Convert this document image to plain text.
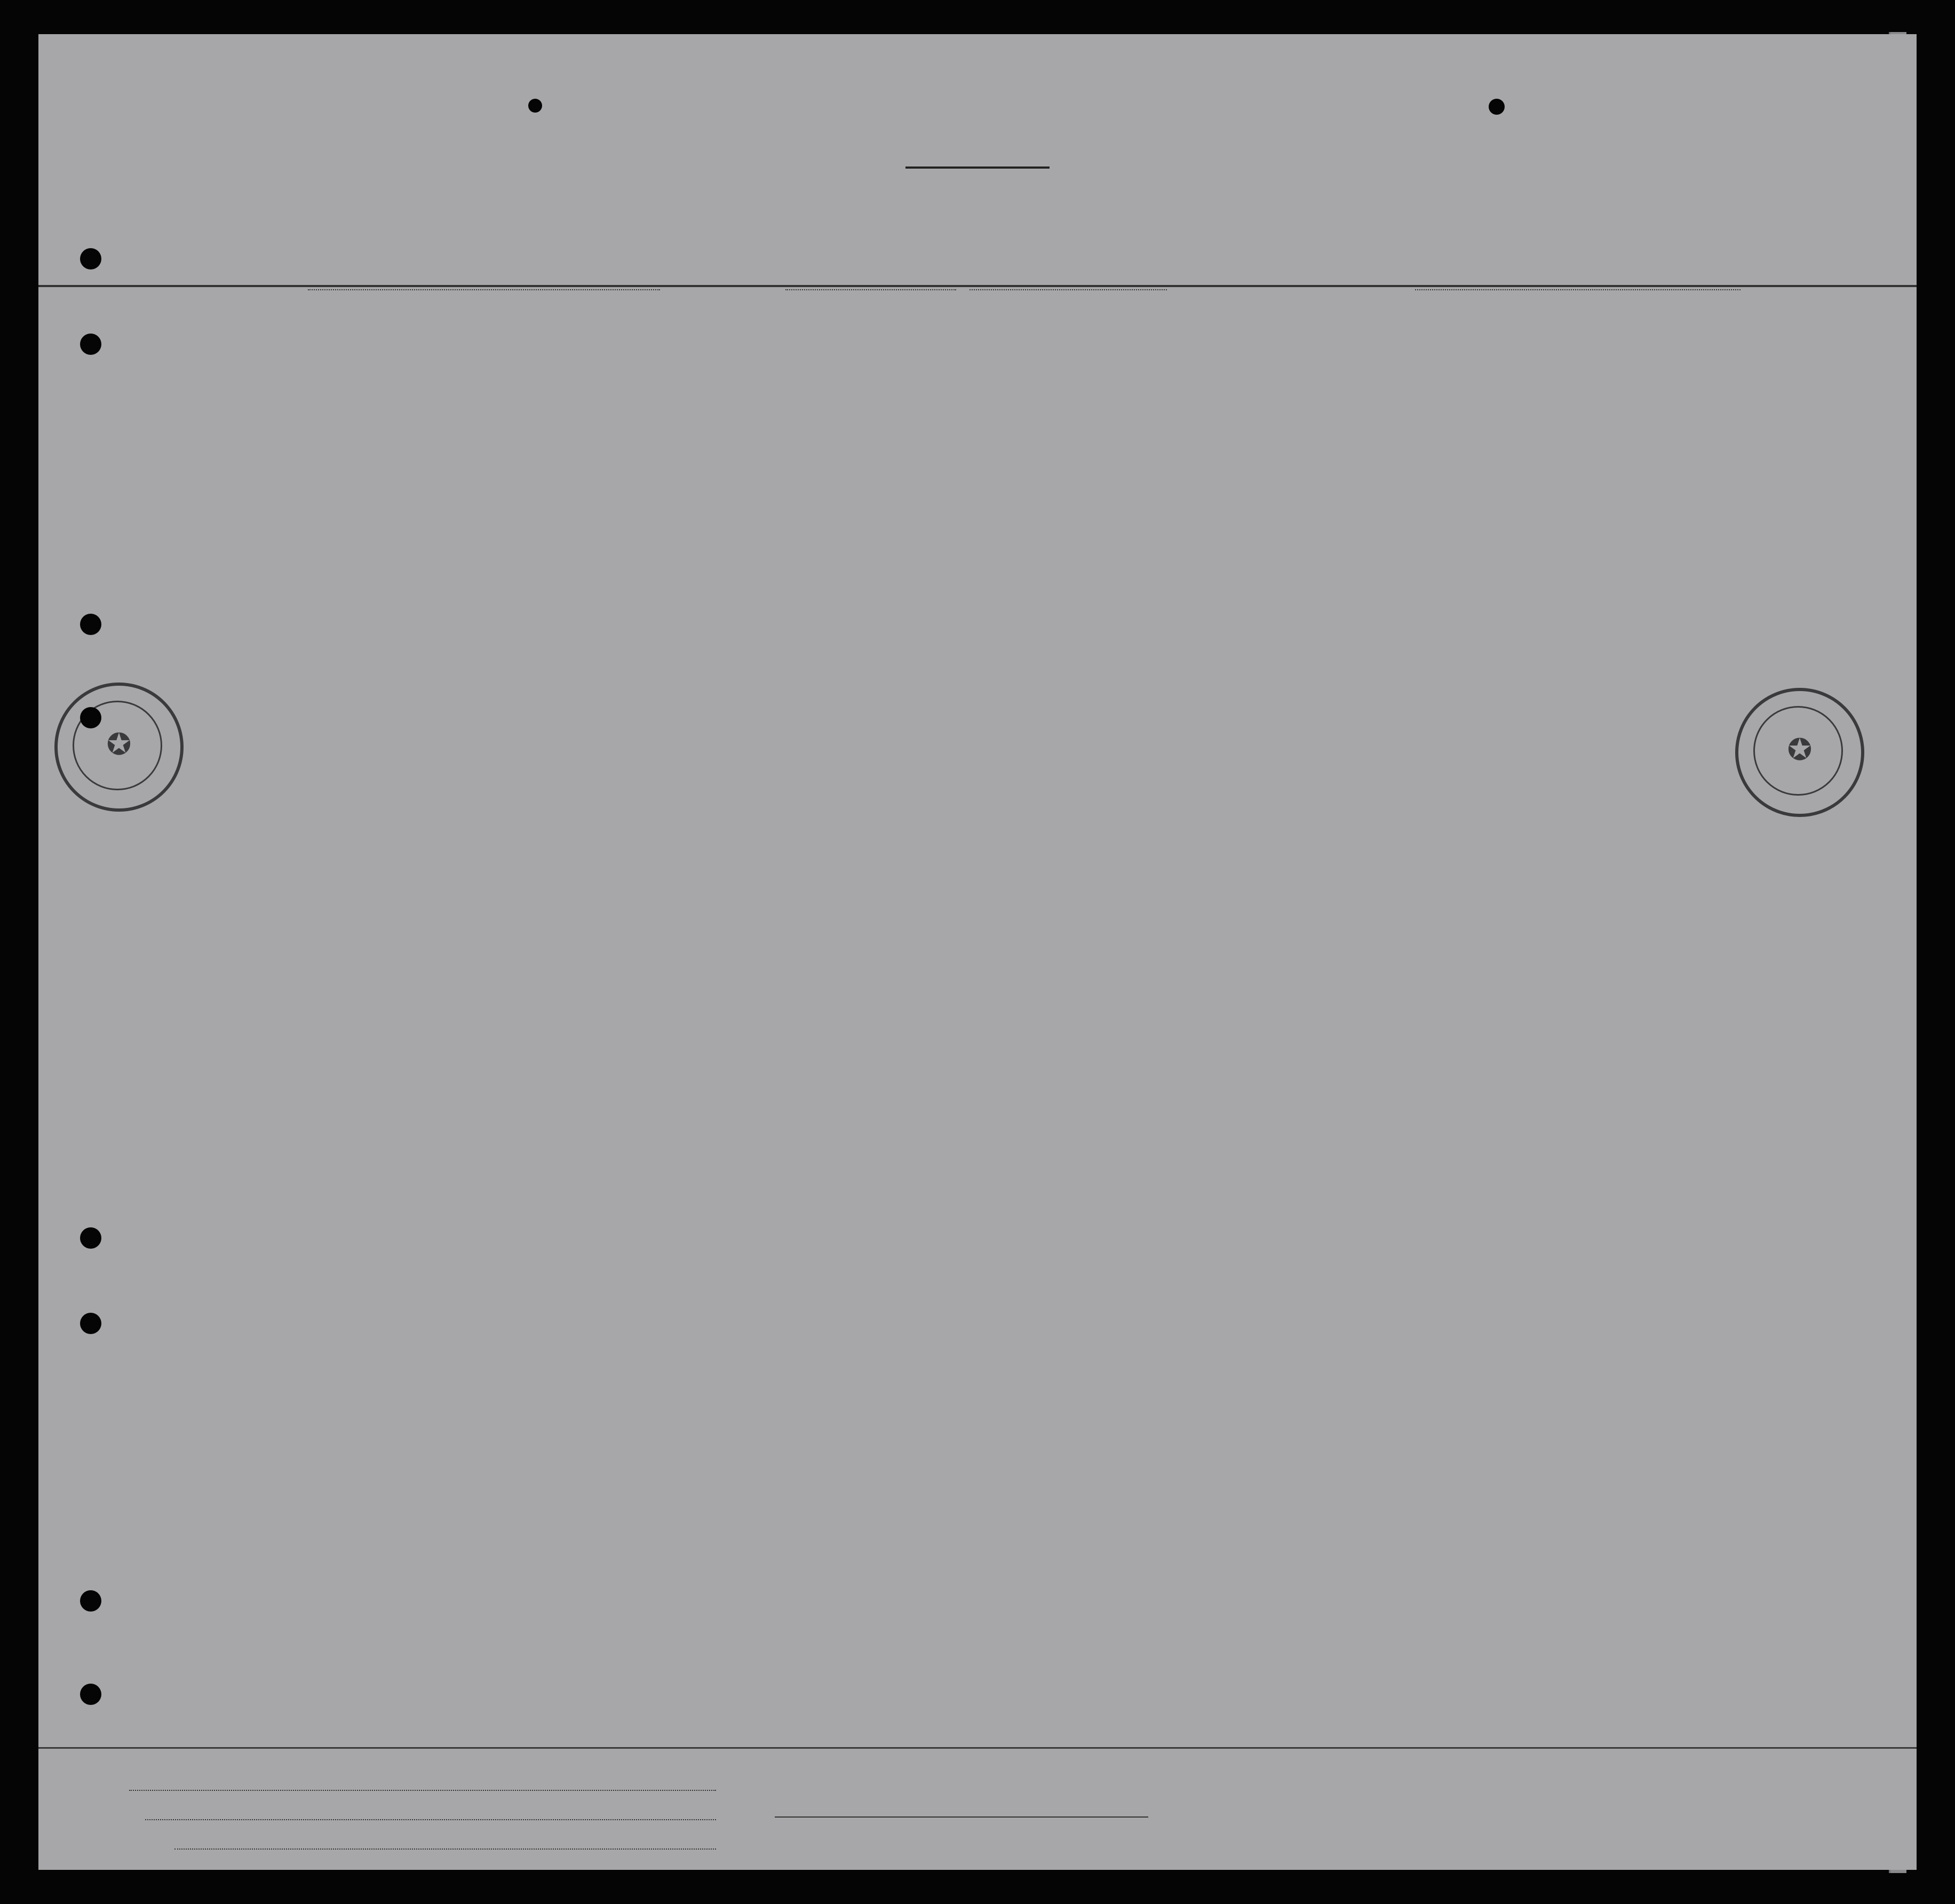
✪	✪
